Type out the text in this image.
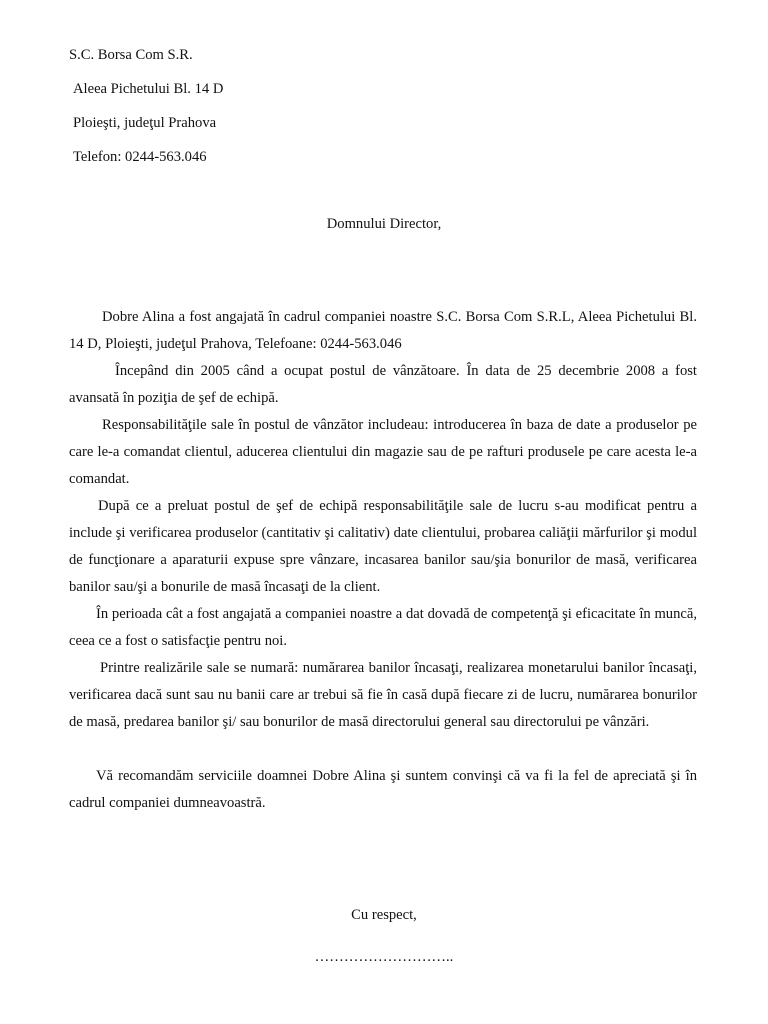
S.C. Borsa Com S.R.
Aleea Pichetului Bl. 14 D
Ploieşti, judeţul Prahova
Telefon: 0244-563.046
Domnului Director,

Dobre Alina a fost angajată în cadrul companiei noastre S.C. Borsa Com S.R.L, Aleea Pichetului Bl. 14 D, Ploieşti, judeţul Prahova, Telefoane: 0244-563.046

Începând din 2005 când a ocupat postul de vânzătoare. În data de 25 decembrie 2008 a fost avansată în poziţia de şef de echipă.

Responsabilităţile sale în postul de vânzător includeau: introducerea în baza de date a produselor pe care le-a comandat clientul, aducerea clientului din magazie sau de pe rafturi produsele pe care acesta le-a comandat.

După ce a preluat postul de şef de echipă responsabilităţile sale de lucru s-au modificat pentru a include şi verificarea produselor (cantitativ şi calitativ) date clientului, probarea caliăţii mărfurilor şi modul de funcţionare a aparaturii expuse spre vânzare, incasarea banilor sau/şia bonurilor de masă, verificarea banilor sau/şi a bonurile de masă încasaţi de la client.

În perioada cât a fost angajată a companiei noastre a dat dovadă de competenţă şi eficacitate în muncă, ceea ce a fost o satisfacţie pentru noi.

Printre realizările sale se numară: numărarea banilor încasaţi, realizarea monetarului banilor încasaţi, verificarea dacă sunt sau nu banii care ar trebui să fie în casă după fiecare zi de lucru, numărarea bonurilor de masă, predarea banilor şi/ sau bonurilor de masă directorului general sau directorului pe vânzări.

Vă recomandăm serviciile doamnei Dobre Alina şi suntem convinşi că va fi la fel de apreciată şi în cadrul companiei dumneavoastră.

Cu respect,
………………………..
